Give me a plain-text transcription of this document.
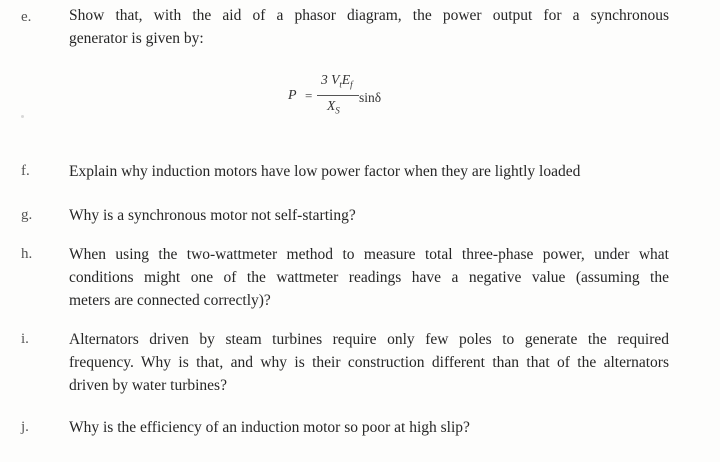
e. Show that, with the aid of a phasor diagram, the power output for a synchronous
generator is given by:
P =
3 $V_tE_f$
$X_S$
sinδ
f.	Explain why induction motors have low power factor when they are lightly loaded
g. Why is a synchronous motor not self-starting?
h. When using the two-wattmeter method to measure total three-phase power, under what
conditions might one of the wattmeter readings have a negative value (assuming the
meters are connected correctly)?
i.	Alternators driven by steam turbines require only few poles to generate the required
frequency. Why is that, and why is their construction different than that of the alternators
driven by water turbines?
j.	Why is the efficiency of an induction motor so poor at high slip?
